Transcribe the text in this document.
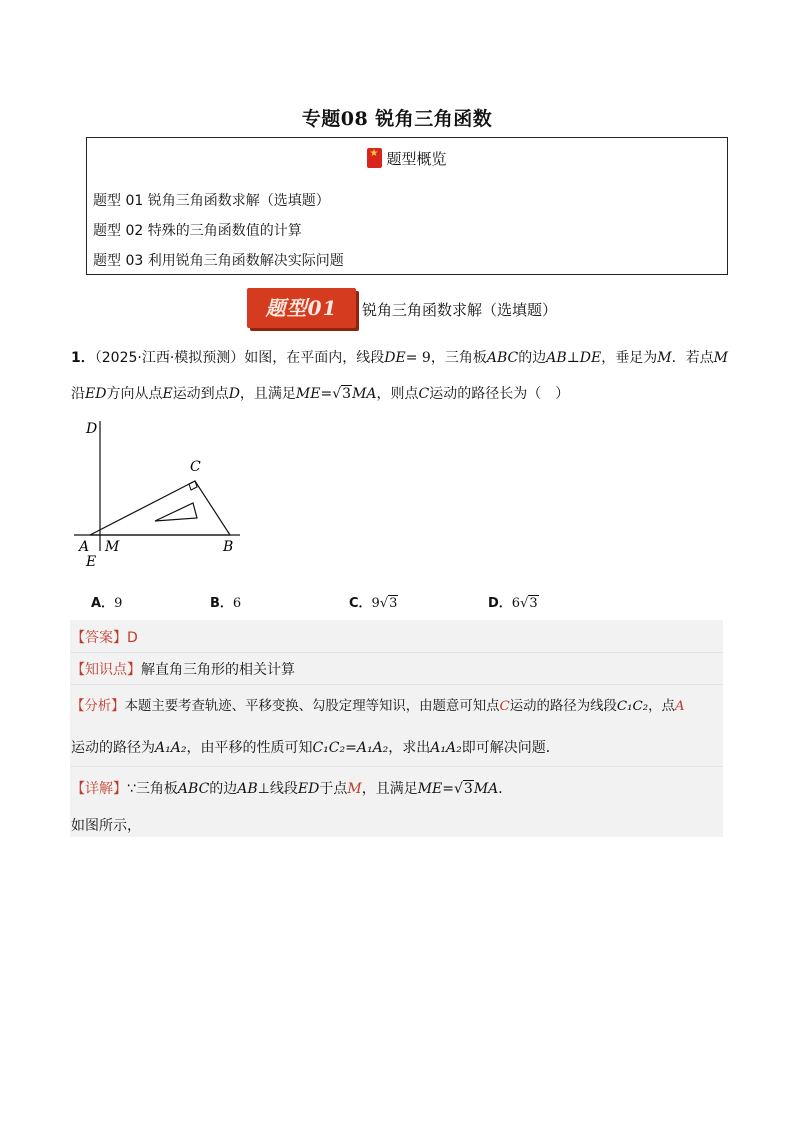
专题08 锐角三角函数
★题型概览
题型 01 锐角三角函数求解（选填题）
题型 02 特殊的三角函数值的计算
题型 03 利用锐角三角函数解决实际问题
题型01	锐角三角函数求解（选填题）
1．（2025·江西·模拟预测）如图，在平面内，线段DE= 9，三角板ABC的边AB⊥DE，垂足为M．若点M
沿ED方向从点E运动到点D，且满足ME=√3MA，则点C运动的路径长为（　）
D
C
A M	B
E
A．9	B．6	C．9√3	D．6√3
【答案】D
【知识点】解直角三角形的相关计算
【分析】本题主要考查轨迹、平移变换、勾股定理等知识，由题意可知点C运动的路径为线段C₁C₂，点A
运动的路径为A₁A₂，由平移的性质可知C₁C₂=A₁A₂，求出A₁A₂即可解决问题．
【详解】∵三角板ABC的边AB⊥线段ED于点M，且满足ME=√3MA．
如图所示，
